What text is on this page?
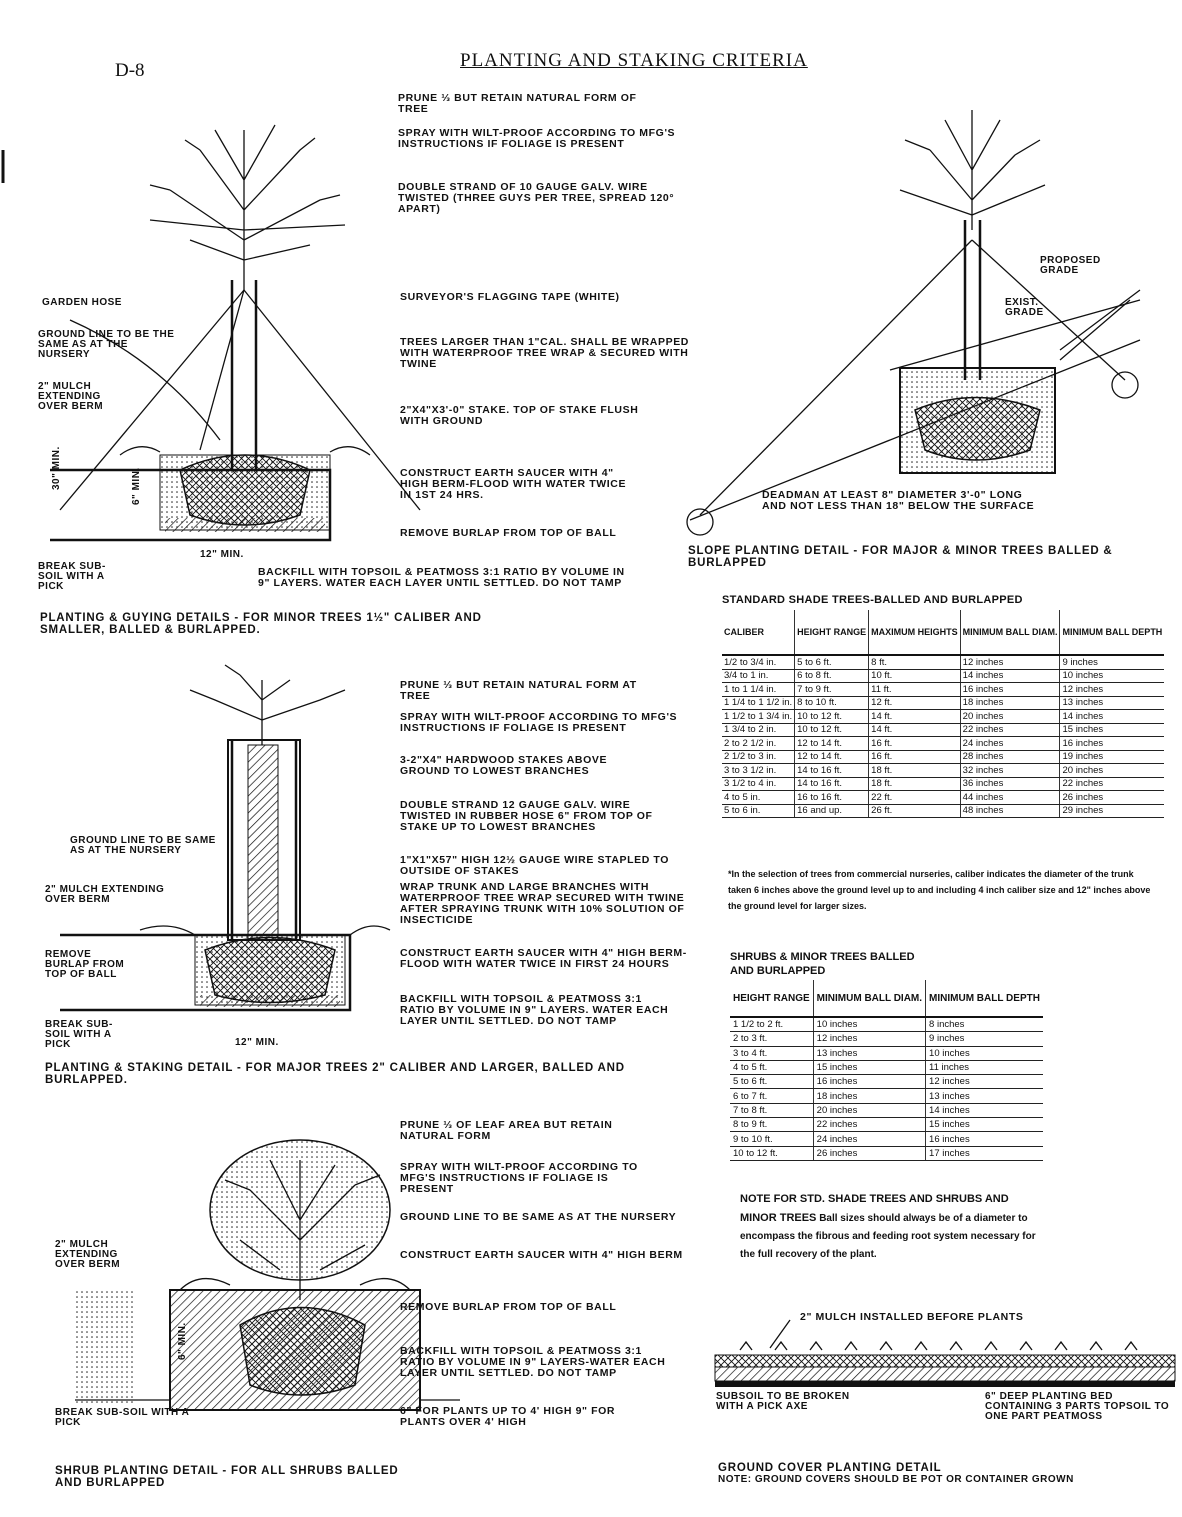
D-8	PLANTING AND STAKING CRITERIA
PRUNE ⅓ BUT RETAIN NATURAL FORM OF TREE
SPRAY WITH WILT-PROOF ACCORDING TO MFG'S INSTRUCTIONS IF FOLIAGE IS PRESENT
DOUBLE STRAND OF 10 GAUGE GALV. WIRE TWISTED (THREE GUYS PER TREE, SPREAD 120° APART)
SURVEYOR'S FLAGGING TAPE (WHITE)
TREES LARGER THAN 1"CAL. SHALL BE WRAPPED WITH WATERPROOF TREE WRAP & SECURED WITH TWINE
2"X4"X3'-0" STAKE. TOP OF STAKE FLUSH WITH GROUND
CONSTRUCT EARTH SAUCER WITH 4" HIGH BERM-FLOOD WITH WATER TWICE IN 1ST 24 HRS.
REMOVE BURLAP FROM TOP OF BALL
BACKFILL WITH TOPSOIL & PEATMOSS 3:1 RATIO BY VOLUME IN 9" LAYERS. WATER EACH LAYER UNTIL SETTLED. DO NOT TAMP
GARDEN HOSE
GROUND LINE TO BE THE SAME AS AT THE NURSERY
2" MULCH EXTENDING OVER BERM
BREAK SUB-SOIL WITH A PICK
30" MIN.	6" MIN.
12" MIN.
PLANTING & GUYING DETAILS - FOR MINOR TREES 1½" CALIBER AND SMALLER, BALLED & BURLAPPED.
PROPOSED GRADE
EXIST. GRADE
DEADMAN AT LEAST 8" DIAMETER 3'-0" LONG AND NOT LESS THAN 18" BELOW THE SURFACE
SLOPE PLANTING DETAIL - FOR MAJOR & MINOR TREES BALLED & BURLAPPED
STANDARD SHADE TREES-BALLED AND BURLAPPED
CALIBER	HEIGHT RANGE	MAXIMUM HEIGHTS	MINIMUM BALL DIAM.	MINIMUM BALL DEPTH
1/2 to 3/4 in.	5 to 6 ft.	8 ft.	12 inches	9 inches
3/4 to 1 in.	6 to 8 ft.	10 ft.	14 inches	10 inches
1 to 1 1/4 in.	7 to 9 ft.	11 ft.	16 inches	12 inches
1 1/4 to 1 1/2 in.	8 to 10 ft.	12 ft.	18 inches	13 inches
1 1/2 to 1 3/4 in.	10 to 12 ft.	14 ft.	20 inches	14 inches
1 3/4 to 2 in.	10 to 12 ft.	14 ft.	22 inches	15 inches
2 to 2 1/2 in.	12 to 14 ft.	16 ft.	24 inches	16 inches
2 1/2 to 3 in.	12 to 14 ft.	16 ft.	28 inches	19 inches
3 to 3 1/2 in.	14 to 16 ft.	18 ft.	32 inches	20 inches
3 1/2 to 4 in.	14 to 16 ft.	18 ft.	36 inches	22 inches
4 to 5 in.	16 to 16 ft.	22 ft.	44 inches	26 inches
5 to 6 in.	16 and up.	26 ft.	48 inches	29 inches
*In the selection of trees from commercial nurseries, caliber indicates the diameter of the trunk taken 6 inches above the ground level up to and including 4 inch caliber size and 12" inches above the ground level for larger sizes.
PRUNE ⅓ BUT RETAIN NATURAL FORM AT TREE
SPRAY WITH WILT-PROOF ACCORDING TO MFG'S INSTRUCTIONS IF FOLIAGE IS PRESENT
3-2"X4" HARDWOOD STAKES ABOVE GROUND TO LOWEST BRANCHES
DOUBLE STRAND 12 GAUGE GALV. WIRE TWISTED IN RUBBER HOSE 6" FROM TOP OF STAKE UP TO LOWEST BRANCHES
1"X1"X57" HIGH 12½ GAUGE WIRE STAPLED TO OUTSIDE OF STAKES
WRAP TRUNK AND LARGE BRANCHES WITH WATERPROOF TREE WRAP SECURED WITH TWINE AFTER SPRAYING TRUNK WITH 10% SOLUTION OF INSECTICIDE
CONSTRUCT EARTH SAUCER WITH 4" HIGH BERM-FLOOD WITH WATER TWICE IN FIRST 24 HOURS
BACKFILL WITH TOPSOIL & PEATMOSS 3:1 RATIO BY VOLUME IN 9" LAYERS. WATER EACH LAYER UNTIL SETTLED. DO NOT TAMP
GROUND LINE TO BE SAME AS AT THE NURSERY
2" MULCH EXTENDING OVER BERM
REMOVE BURLAP FROM TOP OF BALL
BREAK SUB-SOIL WITH A PICK	12" MIN.
PLANTING & STAKING DETAIL - FOR MAJOR TREES 2" CALIBER AND LARGER, BALLED AND BURLAPPED.
SHRUBS & MINOR TREES BALLED AND BURLAPPED
HEIGHT RANGE	MINIMUM BALL DIAM.	MINIMUM BALL DEPTH
1 1/2 to 2 ft.	10 inches	8 inches
2 to 3 ft.	12 inches	9 inches
3 to 4 ft.	13 inches	10 inches
4 to 5 ft.	15 inches	11 inches
5 to 6 ft.	16 inches	12 inches
6 to 7 ft.	18 inches	13 inches
7 to 8 ft.	20 inches	14 inches
8 to 9 ft.	22 inches	15 inches
9 to 10 ft.	24 inches	16 inches
10 to 12 ft.	26 inches	17 inches
NOTE FOR STD. SHADE TREES AND SHRUBS AND MINOR TREES Ball sizes should always be of a diameter to encompass the fibrous and feeding root system necessary for the full recovery of the plant.
PRUNE ⅓ OF LEAF AREA BUT RETAIN NATURAL FORM
SPRAY WITH WILT-PROOF ACCORDING TO MFG'S INSTRUCTIONS IF FOLIAGE IS PRESENT
GROUND LINE TO BE SAME AS AT THE NURSERY
CONSTRUCT EARTH SAUCER WITH 4" HIGH BERM
REMOVE BURLAP FROM TOP OF BALL
BACKFILL WITH TOPSOIL & PEATMOSS 3:1 RATIO BY VOLUME IN 9" LAYERS-WATER EACH LAYER UNTIL SETTLED. DO NOT TAMP
6" FOR PLANTS UP TO 4' HIGH 9" FOR PLANTS OVER 4' HIGH
2" MULCH EXTENDING OVER BERM
BREAK SUB-SOIL WITH A PICK
6" MIN.
SHRUB PLANTING DETAIL - FOR ALL SHRUBS BALLED AND BURLAPPED
2" MULCH INSTALLED BEFORE PLANTS
SUBSOIL TO BE BROKEN WITH A PICK AXE
6" DEEP PLANTING BED CONTAINING 3 PARTS TOPSOIL TO ONE PART PEATMOSS
GROUND COVER PLANTING DETAIL
NOTE: GROUND COVERS SHOULD BE POT OR CONTAINER GROWN
